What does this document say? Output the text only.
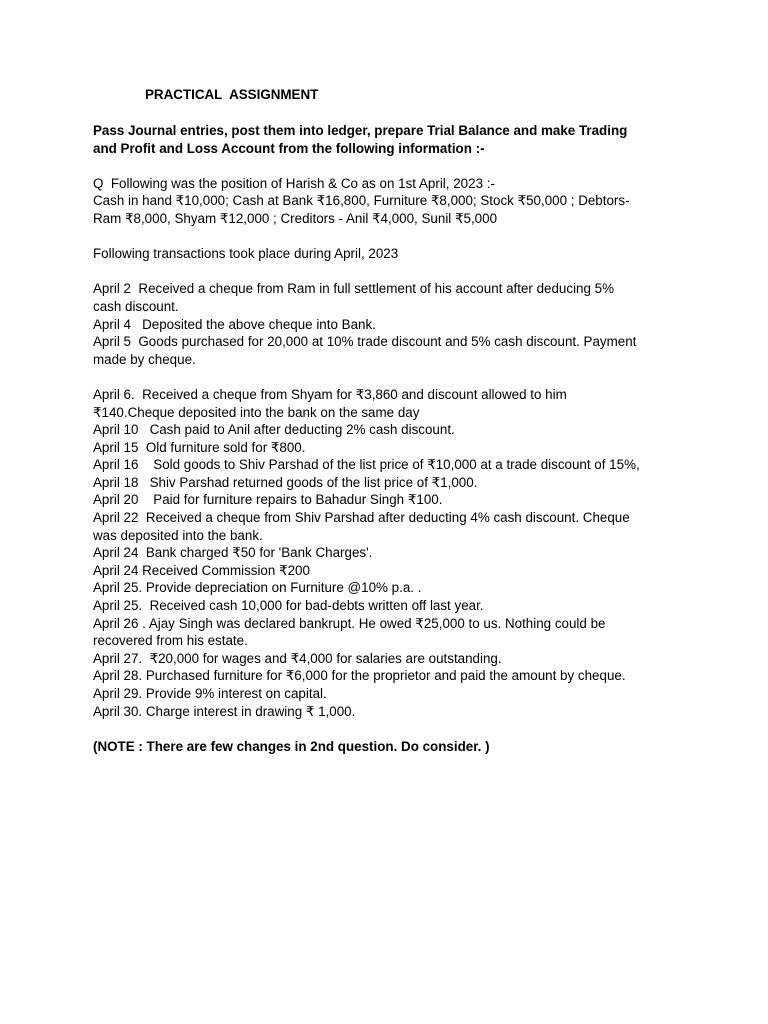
PRACTICAL  ASSIGNMENT
Pass Journal entries, post them into ledger, prepare Trial Balance and make Trading
and Profit and Loss Account from the following information :-
Q  Following was the position of Harish & Co as on 1st April, 2023 :-
Cash in hand ₹10,000; Cash at Bank ₹16,800, Furniture ₹8,000; Stock ₹50,000 ; Debtors-
Ram ₹8,000, Shyam ₹12,000 ; Creditors - Anil ₹4,000, Sunil ₹5,000
Following transactions took place during April, 2023
April 2  Received a cheque from Ram in full settlement of his account after deducing 5%
cash discount.
April 4   Deposited the above cheque into Bank.
April 5  Goods purchased for 20,000 at 10% trade discount and 5% cash discount. Payment
made by cheque.
April 6.  Received a cheque from Shyam for ₹3,860 and discount allowed to him
₹140.Cheque deposited into the bank on the same day
April 10   Cash paid to Anil after deducting 2% cash discount.
April 15  Old furniture sold for ₹800.
April 16    Sold goods to Shiv Parshad of the list price of ₹10,000 at a trade discount of 15%,
April 18   Shiv Parshad returned goods of the list price of ₹1,000.
April 20    Paid for furniture repairs to Bahadur Singh ₹100.
April 22  Received a cheque from Shiv Parshad after deducting 4% cash discount. Cheque
was deposited into the bank.
April 24  Bank charged ₹50 for 'Bank Charges'.
April 24 Received Commission ₹200
April 25. Provide depreciation on Furniture @10% p.a. .
April 25.  Received cash 10,000 for bad-debts written off last year.
April 26 . Ajay Singh was declared bankrupt. He owed ₹25,000 to us. Nothing could be
recovered from his estate.
April 27.  ₹20,000 for wages and ₹4,000 for salaries are outstanding.
April 28. Purchased furniture for ₹6,000 for the proprietor and paid the amount by cheque.
April 29. Provide 9% interest on capital.
April 30. Charge interest in drawing ₹ 1,000.
(NOTE : There are few changes in 2nd question. Do consider. )
